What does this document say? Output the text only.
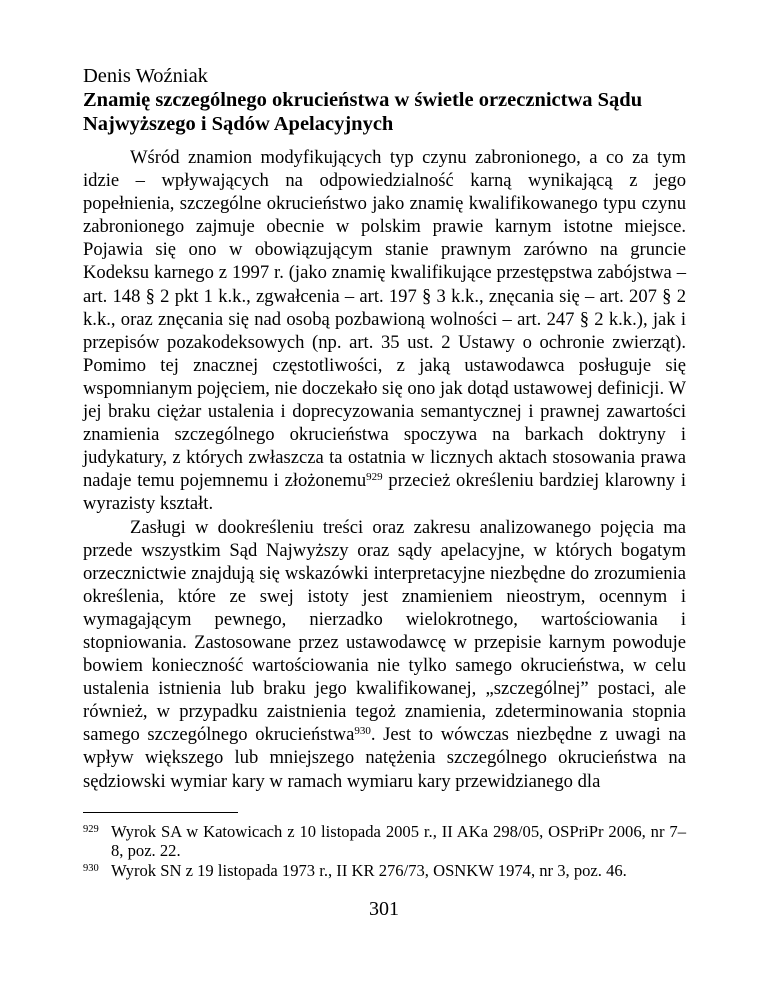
Denis Woźniak
Znamię szczególnego okrucieństwa w świetle orzecznictwa Sądu Najwyższego i Sądów Apelacyjnych

Wśród znamion modyfikujących typ czynu zabronionego, a co za tym idzie – wpływających na odpowiedzialność karną wynikającą z jego popełnienia, szczególne okrucieństwo jako znamię kwalifikowanego typu czynu zabronionego zajmuje obecnie w polskim prawie karnym istotne miejsce. Pojawia się ono w obowiązującym stanie prawnym zarówno na gruncie Kodeksu karnego z 1997 r. (jako znamię kwalifikujące przestępstwa zabójstwa – art. 148 § 2 pkt 1 k.k., zgwałcenia – art. 197 § 3 k.k., znęcania się – art. 207 § 2 k.k., oraz znęcania się nad osobą pozbawioną wolności – art. 247 § 2 k.k.), jak i przepisów pozakodeksowych (np. art. 35 ust. 2 Ustawy o ochronie zwierząt). Pomimo tej znacznej częstotliwości, z jaką ustawodawca posługuje się wspomnianym pojęciem, nie doczekało się ono jak dotąd ustawowej definicji. W jej braku ciężar ustalenia i doprecyzowania semantycznej i prawnej zawartości znamienia szczególnego okrucieństwa spoczywa na barkach doktryny i judykatury, z których zwłaszcza ta ostatnia w licznych aktach stosowania prawa nadaje temu pojemnemu i złożonemu$^{929}$ przecież określeniu bardziej klarowny i wyrazisty kształt.

Zasługi w dookreśleniu treści oraz zakresu analizowanego pojęcia ma przede wszystkim Sąd Najwyższy oraz sądy apelacyjne, w których bogatym orzecznictwie znajdują się wskazówki interpretacyjne niezbędne do zrozumienia określenia, które ze swej istoty jest znamieniem nieostrym, ocennym i wymagającym pewnego, nierzadko wielokrotnego, wartościowania i stopniowania. Zastosowane przez ustawodawcę w przepisie karnym powoduje bowiem konieczność wartościowania nie tylko samego okrucieństwa, w celu ustalenia istnienia lub braku jego kwalifikowanej, „szczególnej” postaci, ale również, w przypadku zaistnienia tegoż znamienia, zdeterminowania stopnia samego szczególnego okrucieństwa$^{930}$. Jest to wówczas niezbędne z uwagi na wpływ większego lub mniejszego natężenia szczególnego okrucieństwa na sędziowski wymiar kary w ramach wymiaru kary przewidzianego dla

929 Wyrok SA w Katowicach z 10 listopada 2005 r., II AKa 298/05, OSPriPr 2006, nr 7–8, poz. 22.
930 Wyrok SN z 19 listopada 1973 r., II KR 276/73, OSNKW 1974, nr 3, poz. 46.
301
